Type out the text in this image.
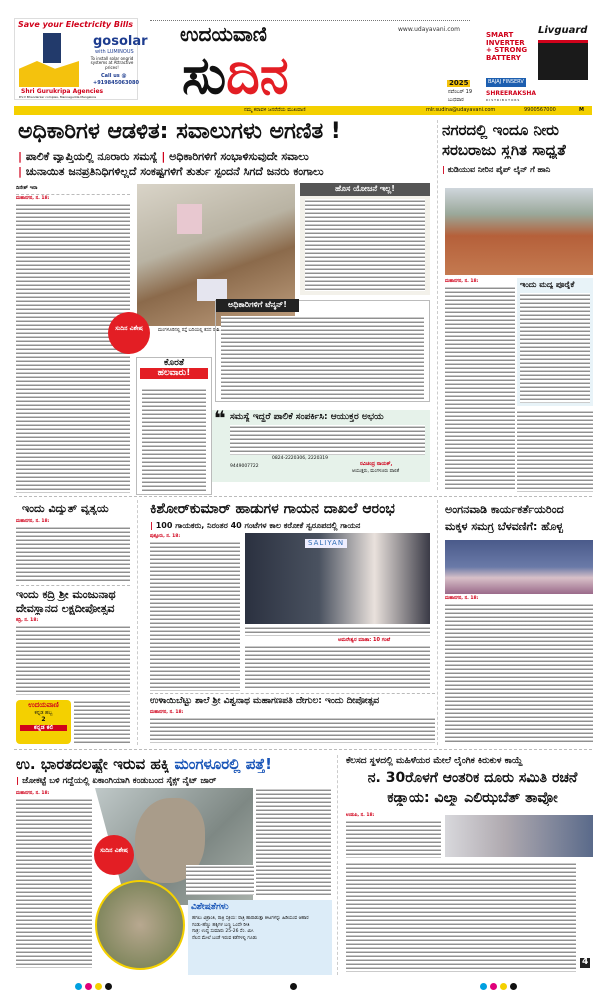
Save your Electricity Bills
gosolar
with LUMINOUS
To install solar ongrid systems at Attractive prices!
Call us @
+919845063080
Shri Gurukripa Agencies
P.V.V Bhandarkar complex, Mannagudda Mangalore
www.udayavani.com
ಉದಯವಾಣಿ
ಸುದಿನ	2025
ನವೆಂಬರ್ 19
ಬುಧವಾರ
SMART
INVERTER
+ STRONG
BATTERY
Livguard
BAJAJ FINSERV
SHREERAKSHA
DISTRIBUTORS
ನಮ್ಮ ಕರಾವಳಿ ಜನರೆದೆಯ ಮುಖವಾಣಿ	mlr.sudina@udayavani.com	9900567000	M
ಅಧಿಕಾರಿಗಳ ಆಡಳಿತ: ಸವಾಲುಗಳು ಅಗಣಿತ !
| ಪಾಲಿಕೆ ವ್ಯಾಪ್ತಿಯಲ್ಲಿ ನೂರಾರು ಸಮಸ್ಯೆ | ಅಧಿಕಾರಿಗಳಿಗೆ ಸಂಭಾಳಿಸುವುದೇ ಸವಾಲು
| ಚುನಾಯಿತ ಜನಪ್ರತಿನಿಧಿಗಳಿಲ್ಲದೆ ಸಂಕಷ್ಟಗಳಿಗೆ ತುರ್ತು ಸ್ಪಂದನೆ ಸಿಗದೆ ಜನರು ಕಂಗಾಲು
ದಿನೇಶ್ ಇರಾ
ಮಹಾನಗರ, ನ. 18:
ಮಂಗಳೂರಿನಲ್ಲಿ ರಸ್ತೆ ಬದಿಯಲ್ಲಿ ಕಸದ ರಾಶಿ.
ಸುದಿನ ವಿಶೇಷ
ಹೊಸ ಯೋಜನೆ ಇಲ್ಲ!
ಕೊರತೆ
ಹಲವಾರು!
ಅಧಿಕಾರಿಗಳಿಗೆ ಟೆನ್ಶನ್!
❝ ಸಮಸ್ಯೆ ಇದ್ದರೆ ಪಾಲಿಕೆ ಸಂಪರ್ಕಿಸಿ: ಆಯುಕ್ತರ ಅಭಯ
0824-2220306, 2220319
9449007722	ರವಿಚಂದ್ರ ನಾಯಕ್,
ಆಯುಕ್ತರು, ಮಂಗಳೂರು ಪಾಲಿಕೆ
ನಗರದಲ್ಲಿ ಇಂದೂ ನೀರು
ಸರಬರಾಜು ಸ್ಥಗಿತ ಸಾಧ್ಯತೆ
| ಕುಡಿಯುವ ನೀರಿನ ಪೈಪ್ ಲೈನ್ ಗೆ ಹಾನಿ
ಮಹಾನಗರ, ನ. 18:	ಇಂದು ಮದ್ಯ ಪೂರೈಕೆ
ಇಂದು ವಿದ್ಯುತ್ ವ್ಯತ್ಯಯ
ಮಹಾನಗರ, ನ. 18:
ಇಂದು ಕದ್ರಿ ಶ್ರೀ ಮಂಜುನಾಥ
ದೇವಸ್ಥಾನದ ಲಕ್ಷದೀಪೋತ್ಸವ
ಕದ್ರಿ, ನ. 18:
ಉದಯವಾಣಿ
ಕನ್ನಡ ಹಬ್ಬ
2
ಕನ್ನಡ ಕಲಿ
ಕಿಶೋರ್‌ಕುಮಾರ್ ಹಾಡುಗಳ ಗಾಯನ ದಾಖಲೆ ಆರಂಭ
| 100 ಗಾಯಕರು, ನಿರಂತರ 40 ಗಂಟೆಗಳ ಕಾಲ ಕರೋಕೆ ಸ್ವರೂಪದಲ್ಲಿ ಗಾಯನ
ಪುತ್ತೂರು, ನ. 18:
SALIYAN
ಅಮರೇಶ್ವರ ಮಾತಾ: 10 ಗಂಟೆ
ಉಳಾಯಿಬೆಟ್ಟು ಶಾಲೆ ಶ್ರೀ ವಿಶ್ವನಾಥ ಮಹಾಗಣಪತಿ ದೇಗುಲ: ಇಂದು ದೀಪೋತ್ಸವ
ಮಹಾನಗರ, ನ. 18:
ಅಂಗನವಾಡಿ ಕಾರ್ಯಕರ್ತೆಯರಿಂದ
ಮಕ್ಕಳ ಸಮಗ್ರ ಬೆಳವಣಿಗೆ: ಹೊಳ್ಳ
ಮಹಾನಗರ, ನ. 18:
ಉ. ಭಾರತದಲಷ್ಟೇ ಇರುವ ಹಕ್ಕಿ ಮಂಗಳೂರಲ್ಲಿ ಪತ್ತೆ!
| ಜೋಕಟ್ಟೆ ಬಳಿ ಗದ್ದೆಯಲ್ಲಿ ಏಕಾಂಗಿಯಾಗಿ ಕಂಡುಬಂದ ಸೈಕ್ಸ್ ನೈಟ್ ಜಾರ್
ಮಹಾನಗರ, ನ. 18:
ಸುದಿನ ವಿಶೇಷ
ವಿಶೇಷತೆಗಳು
ಹಗಲು ವಿಶ್ರಾಂತಿ, ರಾತ್ರಿ ಸಕ್ರಿಯ: ರಾತ್ರಿ ಹಾರಾಡುತ್ತಾ ಕೀಟಗಳನ್ನು ಹಿಡಿಯುವ ಆಹಾರ
ಗಂಡು-ಹೆಣ್ಣು ಹಕ್ಕಿಗಳ ಬಣ್ಣ ಒಂದೇ ರೀತಿ
ಗಾತ್ರ: ಉದ್ದ ಸುಮಾರು 25-26 ಸೆಂ. ಮೀ.
ನೆಲದ ಮೇಲೆ ಬಂಡೆ ಇರುವ ಕಡೆಗಳಲ್ಲಿ ಗೂಡು
ಕೆಲಸದ ಸ್ಥಳದಲ್ಲಿ ಮಹಿಳೆಯರ ಮೇಲೆ ಲೈಂಗಿಕ ಕಿರುಕುಳ ಕಾಯ್ದೆ
ನ. 30ರೊಳಗೆ ಆಂತರಿಕ ದೂರು ಸಮಿತಿ ರಚನೆ
ಕಡ್ಡಾಯ: ವಿಲ್ಮಾ ಎಲಿಝಬೆತ್ ತಾವ್ರೋ
ಉಡುಪಿ, ನ. 18:
4
